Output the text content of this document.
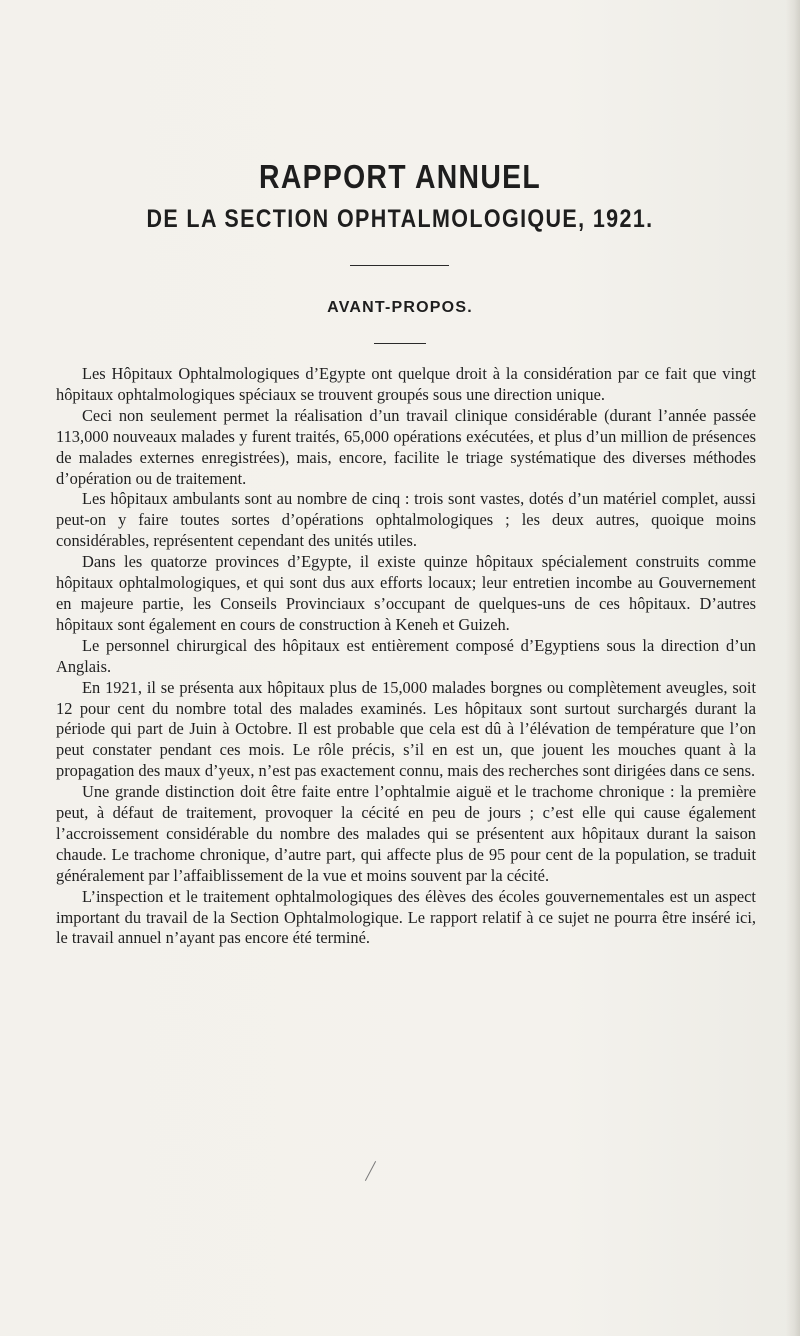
RAPPORT ANNUEL
DE LA SECTION OPHTALMOLOGIQUE, 1921.
AVANT-PROPOS.

Les Hôpitaux Ophtalmologiques d’Egypte ont quelque droit à la considération par ce fait que vingt hôpitaux ophtalmologiques spéciaux se trouvent groupés sous une direction unique.

Ceci non seulement permet la réalisation d’un travail clinique considérable (durant l’année passée 113,000 nouveaux malades y furent traités, 65,000 opérations exécutées, et plus d’un million de présences de malades externes enregistrées), mais, encore, facilite le triage systématique des diverses méthodes d’opération ou de traitement.

Les hôpitaux ambulants sont au nombre de cinq : trois sont vastes, dotés d’un matériel complet, aussi peut-on y faire toutes sortes d’opérations ophtalmologiques ; les deux autres, quoique moins considérables, représentent cependant des unités utiles.

Dans les quatorze provinces d’Egypte, il existe quinze hôpitaux spécialement construits comme hôpitaux ophtalmologiques, et qui sont dus aux efforts locaux; leur entretien incombe au Gouvernement en majeure partie, les Conseils Provinciaux s’occupant de quelques-uns de ces hôpitaux. D’autres hôpitaux sont également en cours de construction à Keneh et Guizeh.

Le personnel chirurgical des hôpitaux est entièrement composé d’Egyptiens sous la direction d’un Anglais.

En 1921, il se présenta aux hôpitaux plus de 15,000 malades borgnes ou complètement aveugles, soit 12 pour cent du nombre total des malades examinés. Les hôpitaux sont surtout surchargés durant la période qui part de Juin à Octobre. Il est probable que cela est dû à l’élévation de température que l’on peut constater pendant ces mois. Le rôle précis, s’il en est un, que jouent les mouches quant à la propagation des maux d’yeux, n’est pas exactement connu, mais des recherches sont dirigées dans ce sens.

Une grande distinction doit être faite entre l’ophtalmie aiguë et le trachome chronique : la première peut, à défaut de traitement, provoquer la cécité en peu de jours ; c’est elle qui cause également l’accroissement considérable du nombre des malades qui se présentent aux hôpitaux durant la saison chaude. Le trachome chronique, d’autre part, qui affecte plus de 95 pour cent de la population, se traduit généralement par l’affaiblissement de la vue et moins souvent par la cécité.

L’inspection et le traitement ophtalmologiques des élèves des écoles gouvernementales est un aspect important du travail de la Section Ophtalmologique. Le rapport relatif à ce sujet ne pourra être inséré ici, le travail annuel n’ayant pas encore été terminé.
